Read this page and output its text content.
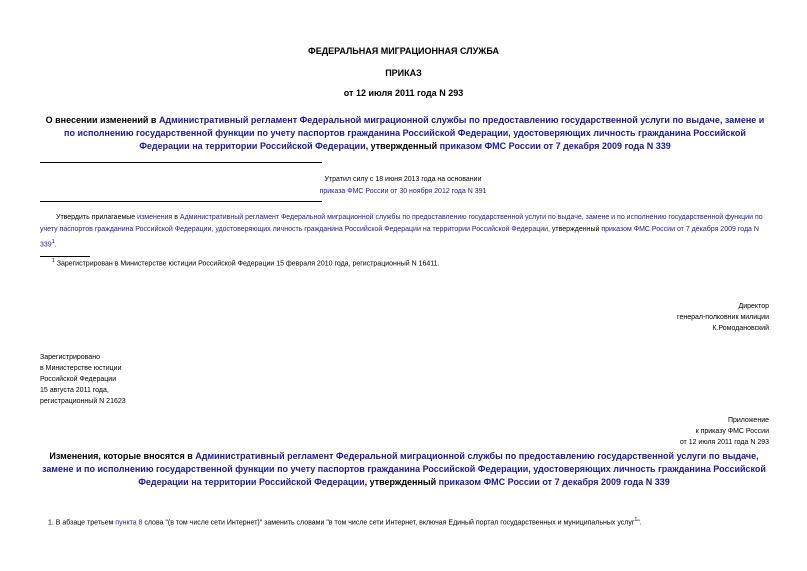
ФЕДЕРАЛЬНАЯ МИГРАЦИОННАЯ СЛУЖБА
ПРИКАЗ
от 12 июля 2011 года N 293
О внесении изменений в Административный регламент Федеральной миграционной службы по предоставлению государственной услуги по выдаче, замене и по исполнению государственной функции по учету паспортов гражданина Российской Федерации, удостоверяющих личность гражданина Российской Федерации на территории Российской Федерации, утвержденный приказом ФМС России от 7 декабря 2009 года N 339
Утратил силу с 18 июня 2013 года на основании
приказа ФМС России от 30 ноября 2012 года N 391
Утвердить прилагаемые изменения в Административный регламент Федеральной миграционной службы по предоставлению государственной услуги по выдаче, замене и по исполнению государственной функции по учету паспортов гражданина Российской Федерации, удостоверяющих личность гражданина Российской Федерации на территории Российской Федерации, утвержденный приказом ФМС России от 7 декабря 2009 года N $339^1$.
$^1$ Зарегистрирован в Министерстве юстиции Российской Федерации 15 февраля 2010 года, регистрационный N 16411.
Директор
генерал-полковник милиции
К.Ромодановский
Зарегистрировано
в Министерстве юстиции
Российской Федерации
15 августа 2011 года,
регистрационный N 21623
Приложение
к приказу ФМС России
от 12 июля 2011 года N 293
Изменения, которые вносятся в Административный регламент Федеральной миграционной службы по предоставлению государственной услуги по выдаче, замене и по исполнению государственной функции по учету паспортов гражданина Российской Федерации, удостоверяющих личность гражданина Российской Федерации на территории Российской Федерации, утвержденный приказом ФМС России от 7 декабря 2009 года N 339
1. В абзаце третьем пункта 8 слова "(в том числе сети Интернет)" заменить словами "в том числе сети Интернет, включая Единый портал государственных и муниципальных услуг$^1$".
